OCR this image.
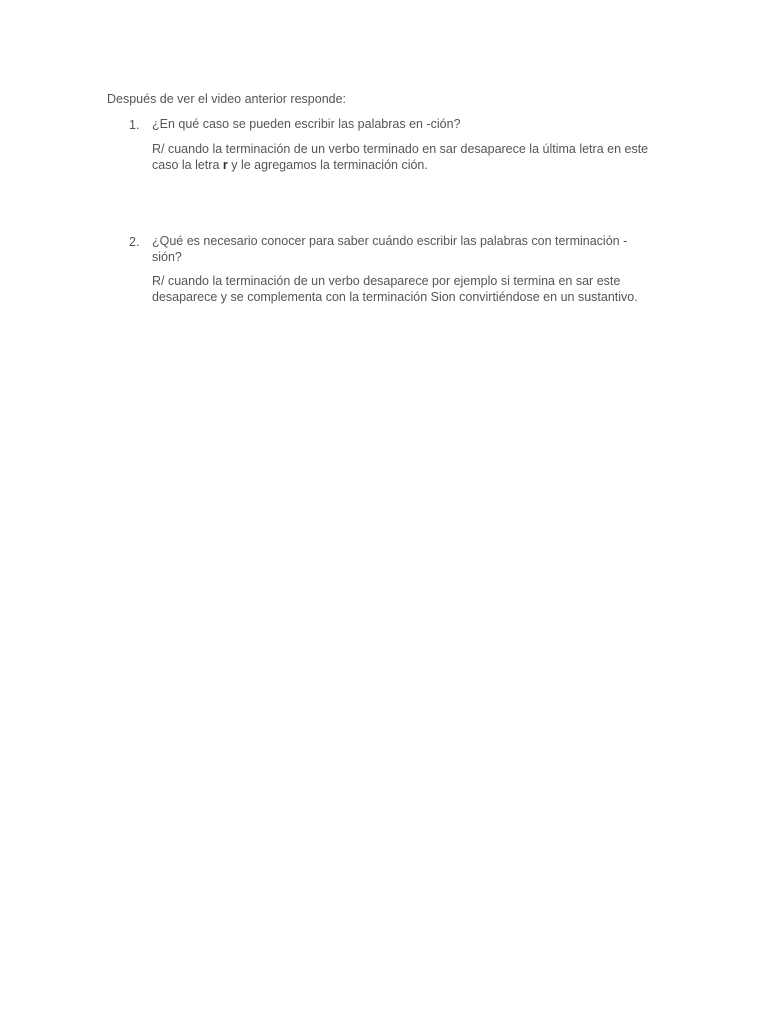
Después de ver el video anterior responde:
1. ¿En qué caso se pueden escribir las palabras en -ción?
R/ cuando la terminación de un verbo terminado en sar desaparece la última letra en este caso la letra r y le agregamos la terminación ción.
2. ¿Qué es necesario conocer para saber cuándo escribir las palabras con terminación -
sión?
R/ cuando la terminación de un verbo desaparece por ejemplo si termina en sar este desaparece y se complementa con la terminación Sion convirtiéndose en un sustantivo.
